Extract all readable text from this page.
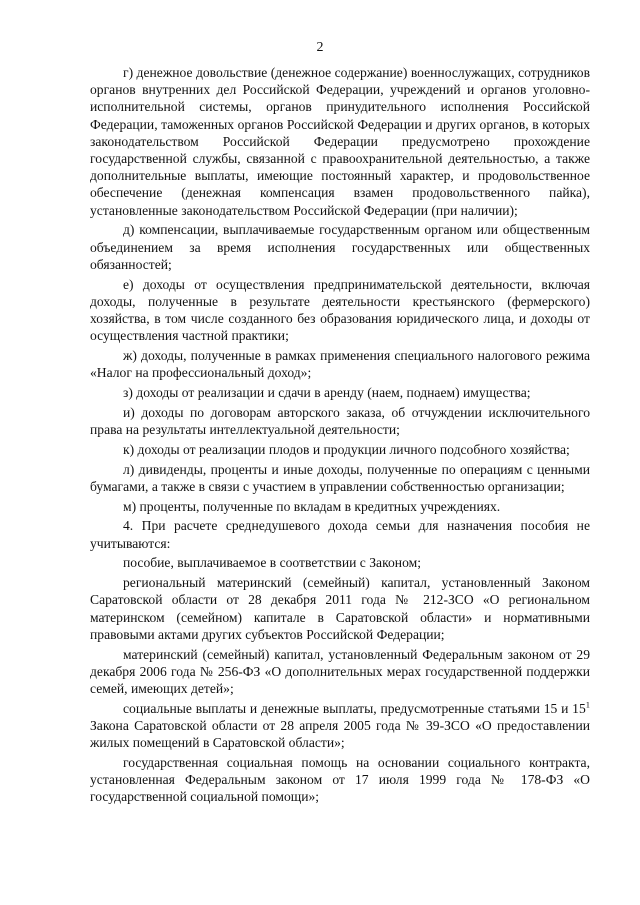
2

г) денежное довольствие (денежное содержание) военнослужащих, сотрудников органов внутренних дел Российской Федерации, учреждений и органов уголовно-исполнительной системы, органов принудительного исполнения Российской Федерации, таможенных органов Российской Федерации и других органов, в которых законодательством Российской Федерации предусмотрено прохождение государственной службы, связанной с правоохранительной деятельностью, а также дополнительные выплаты, имеющие постоянный характер, и продовольственное обеспечение (денежная компенсация взамен продовольственного пайка), установленные законодательством Российской Федерации (при наличии);

д) компенсации, выплачиваемые государственным органом или общественным объединением за время исполнения государственных или общественных обязанностей;

е) доходы от осуществления предпринимательской деятельности, включая доходы, полученные в результате деятельности крестьянского (фермерского) хозяйства, в том числе созданного без образования юридического лица, и доходы от осуществления частной практики;

ж) доходы, полученные в рамках применения специального налогового режима «Налог на профессиональный доход»;

з) доходы от реализации и сдачи в аренду (наем, поднаем) имущества;

и) доходы по договорам авторского заказа, об отчуждении исключительного права на результаты интеллектуальной деятельности;

к) доходы от реализации плодов и продукции личного подсобного хозяйства;

л) дивиденды, проценты и иные доходы, полученные по операциям с ценными бумагами, а также в связи с участием в управлении собственностью организации;

м) проценты, полученные по вкладам в кредитных учреждениях.

4. При расчете среднедушевого дохода семьи для назначения пособия не учитываются:

пособие, выплачиваемое в соответствии с Законом;

региональный материнский (семейный) капитал, установленный Законом Саратовской области от 28 декабря 2011 года № 212-ЗСО «О региональном материнском (семейном) капитале в Саратовской области» и нормативными правовыми актами других субъектов Российской Федерации;

материнский (семейный) капитал, установленный Федеральным законом от 29 декабря 2006 года № 256-ФЗ «О дополнительных мерах государственной поддержки семей, имеющих детей»;

социальные выплаты и денежные выплаты, предусмотренные статьями 15 и $15^1$ Закона Саратовской области от 28 апреля 2005 года № 39-ЗСО «О предоставлении жилых помещений в Саратовской области»;

государственная социальная помощь на основании социального контракта, установленная Федеральным законом от 17 июля 1999 года № 178-ФЗ «О государственной социальной помощи»;
